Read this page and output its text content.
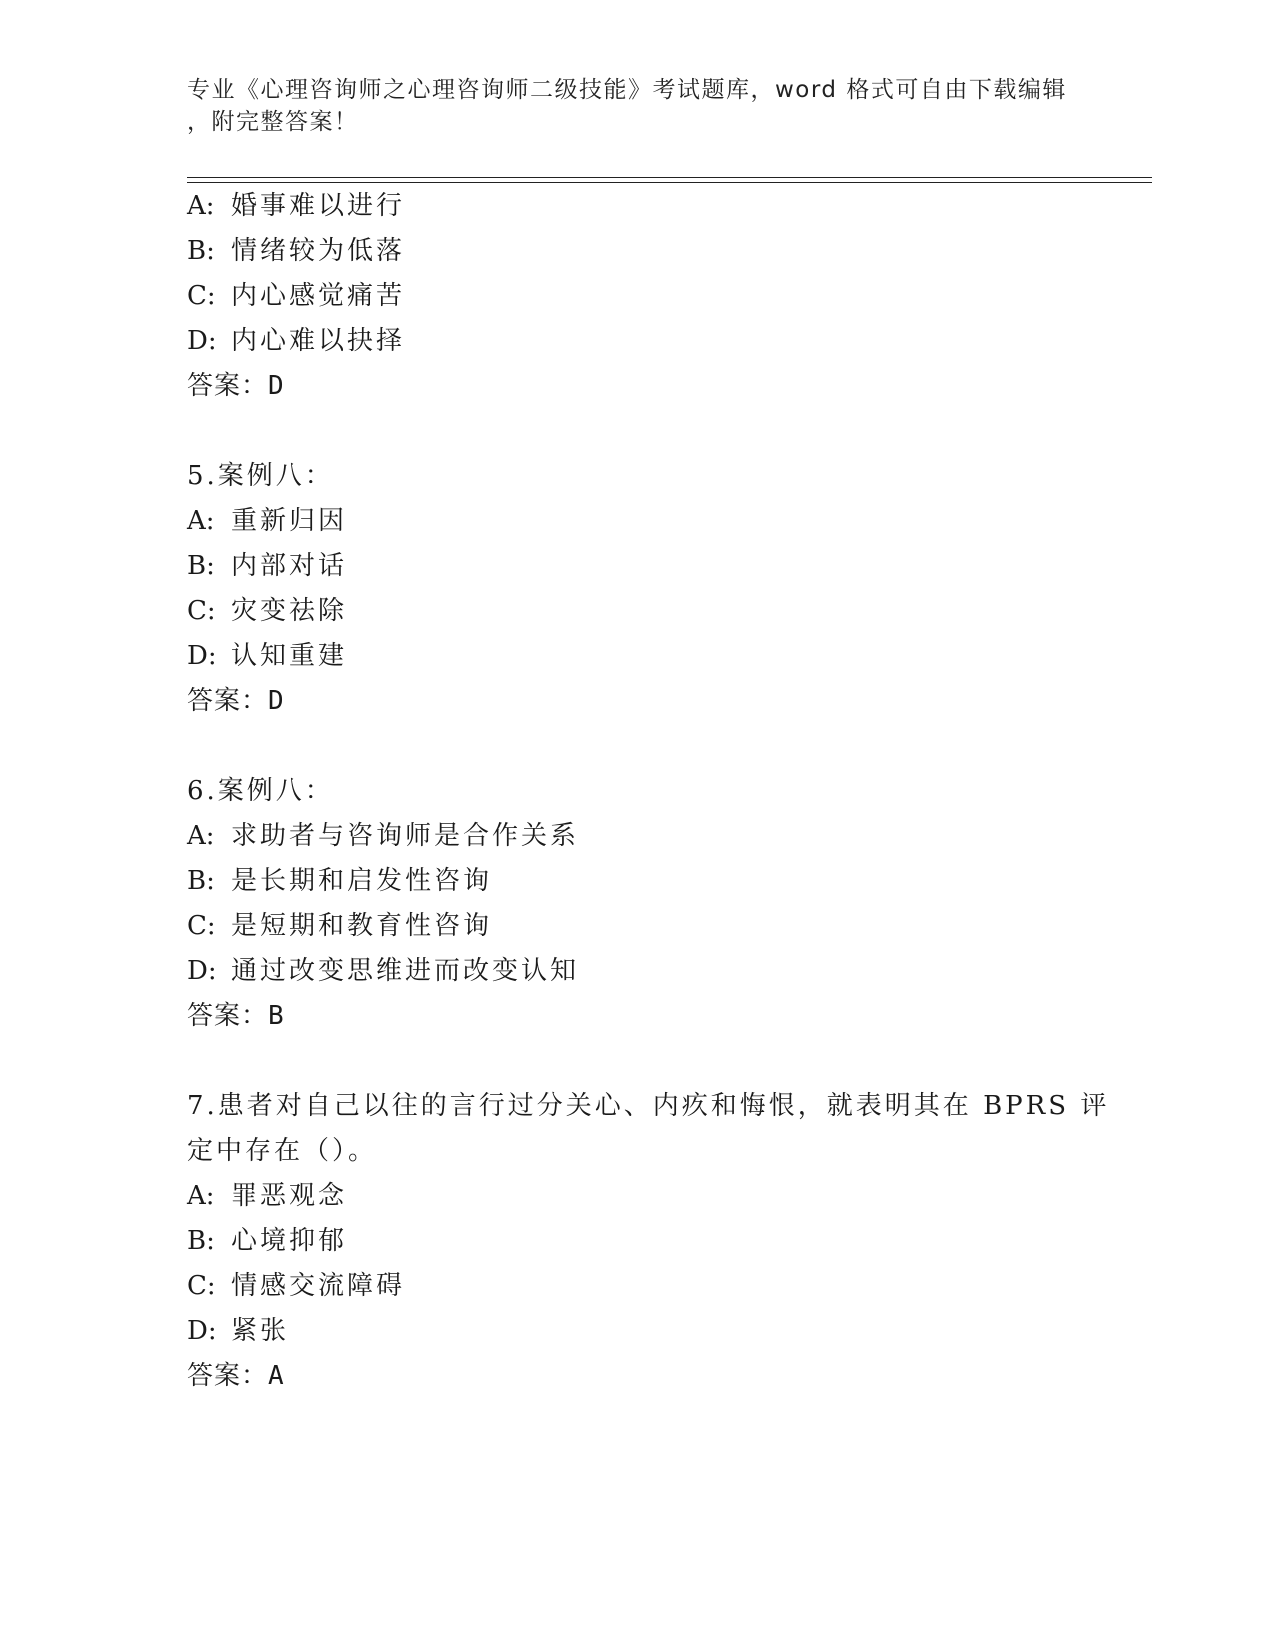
专业《心理咨询师之心理咨询师二级技能》考试题库，word 格式可自由下载编辑
，附完整答案！
A: 婚事难以进行
B: 情绪较为低落
C: 内心感觉痛苦
D: 内心难以抉择
答案：D
5.案例八：
A: 重新归因
B: 内部对话
C: 灾变祛除
D: 认知重建
答案：D
6.案例八：
A: 求助者与咨询师是合作关系
B: 是长期和启发性咨询
C: 是短期和教育性咨询
D: 通过改变思维进而改变认知
答案：B
7.患者对自己以往的言行过分关心、内疚和悔恨，就表明其在 BPRS 评
定中存在（）。
A: 罪恶观念
B: 心境抑郁
C: 情感交流障碍
D: 紧张
答案：A
